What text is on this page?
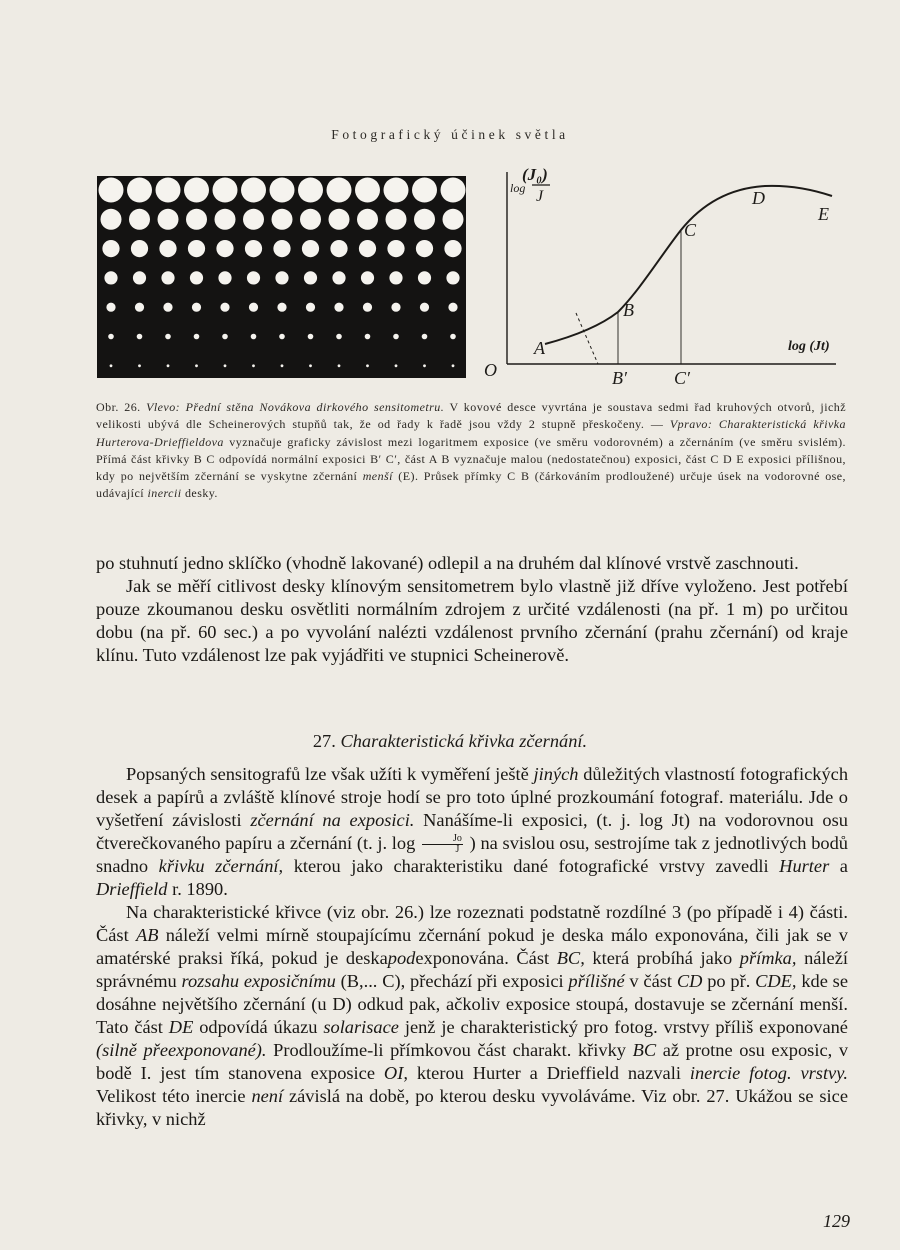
Fotografický účinek světla
log
(J₀)
J
A
B
C
D
E
O	B′	C′
log (Jt)

Obr. 26. Vlevo: Přední stěna Novákova dirkového sensitometru. V kovové desce vyvrtána je soustava sedmi řad kruhových otvorů, jichž velikosti ubývá dle Scheinerových stupňů tak, že od řady k řadě jsou vždy 2 stupně přeskočeny. — Vpravo: Charakteristická křivka Hurterova-Drieffieldova vyznačuje graficky závislost mezi logaritmem exposice (ve směru vodorovném) a zčernáním (ve směru svislém). Přímá část křivky B C odpovídá normální exposici B′ C′, část A B vyznačuje malou (nedostatečnou) exposici, část C D E exposici přílišnou, kdy po největším zčernání se vyskytne zčernání menší (E). Průsek přímky C B (čárkováním prodloužené) určuje úsek na vodorovné ose, udávající inercii desky.

po stuhnutí jedno sklíčko (vhodně lakované) odlepil a na druhém dal klínové vrstvě zaschnouti.

Jak se měří citlivost desky klínovým sensitometrem bylo vlastně již dříve vyloženo. Jest potřebí pouze zkoumanou desku osvětliti normálním zdrojem z určité vzdálenosti (na př. 1 m) po určitou dobu (na př. 60 sec.) a po vyvolání nalézti vzdálenost prvního zčernání (prahu zčernání) od kraje klínu. Tuto vzdálenost lze pak vyjádřiti ve stupnici Scheinerově.

27. Charakteristická křivka zčernání.

Popsaných sensitografů lze však užíti k vyměření ještě jiných důležitých vlastností fotografických desek a papírů a zvláště klínové stroje hodí se pro toto úplné prozkoumání fotograf. materiálu. Jde o vyšetření závislosti zčernání na exposici. Nanášíme-li exposici, (t. j. log Jt) na vodorovnou osu čtverečkovaného papíru a zčernání (t. j. $\log \frac{Jo}{J}$ ) na svislou osu, sestrojíme tak z jednotlivých bodů snadno křivku zčernání, kterou jako charakteristiku dané fotografické vrstvy zavedli Hurter a Drieffield r. 1890.

Na charakteristické křivce (viz obr. 26.) lze rozeznati podstatně rozdílné 3 (po případě i 4) části. Část AB náleží velmi mírně stoupajícímu zčernání pokud je deska málo exponována, čili jak se v amatérské praksi říká, pokud je deskapodexponována. Část BC, která probíhá jako přímka, náleží správnému rozsahu exposičnímu (B,... C), přechází při exposici přílišné v část CD po př. CDE, kde se dosáhne největšího zčernání (u D) odkud pak, ačkoliv exposice stoupá, dostavuje se zčernání menší. Tato část DE odpovídá úkazu solarisace jenž je charakteristický pro fotog. vrstvy příliš exponované (silně přeexponované). Prodloužíme-li přímkovou část charakt. křivky BC až protne osu exposic, v bodě I. jest tím stanovena exposice OI, kterou Hurter a Drieffield nazvali inercie fotog. vrstvy. Velikost této inercie není závislá na době, po kterou desku vyvoláváme. Viz obr. 27. Ukážou se sice křivky, v nichž

129
